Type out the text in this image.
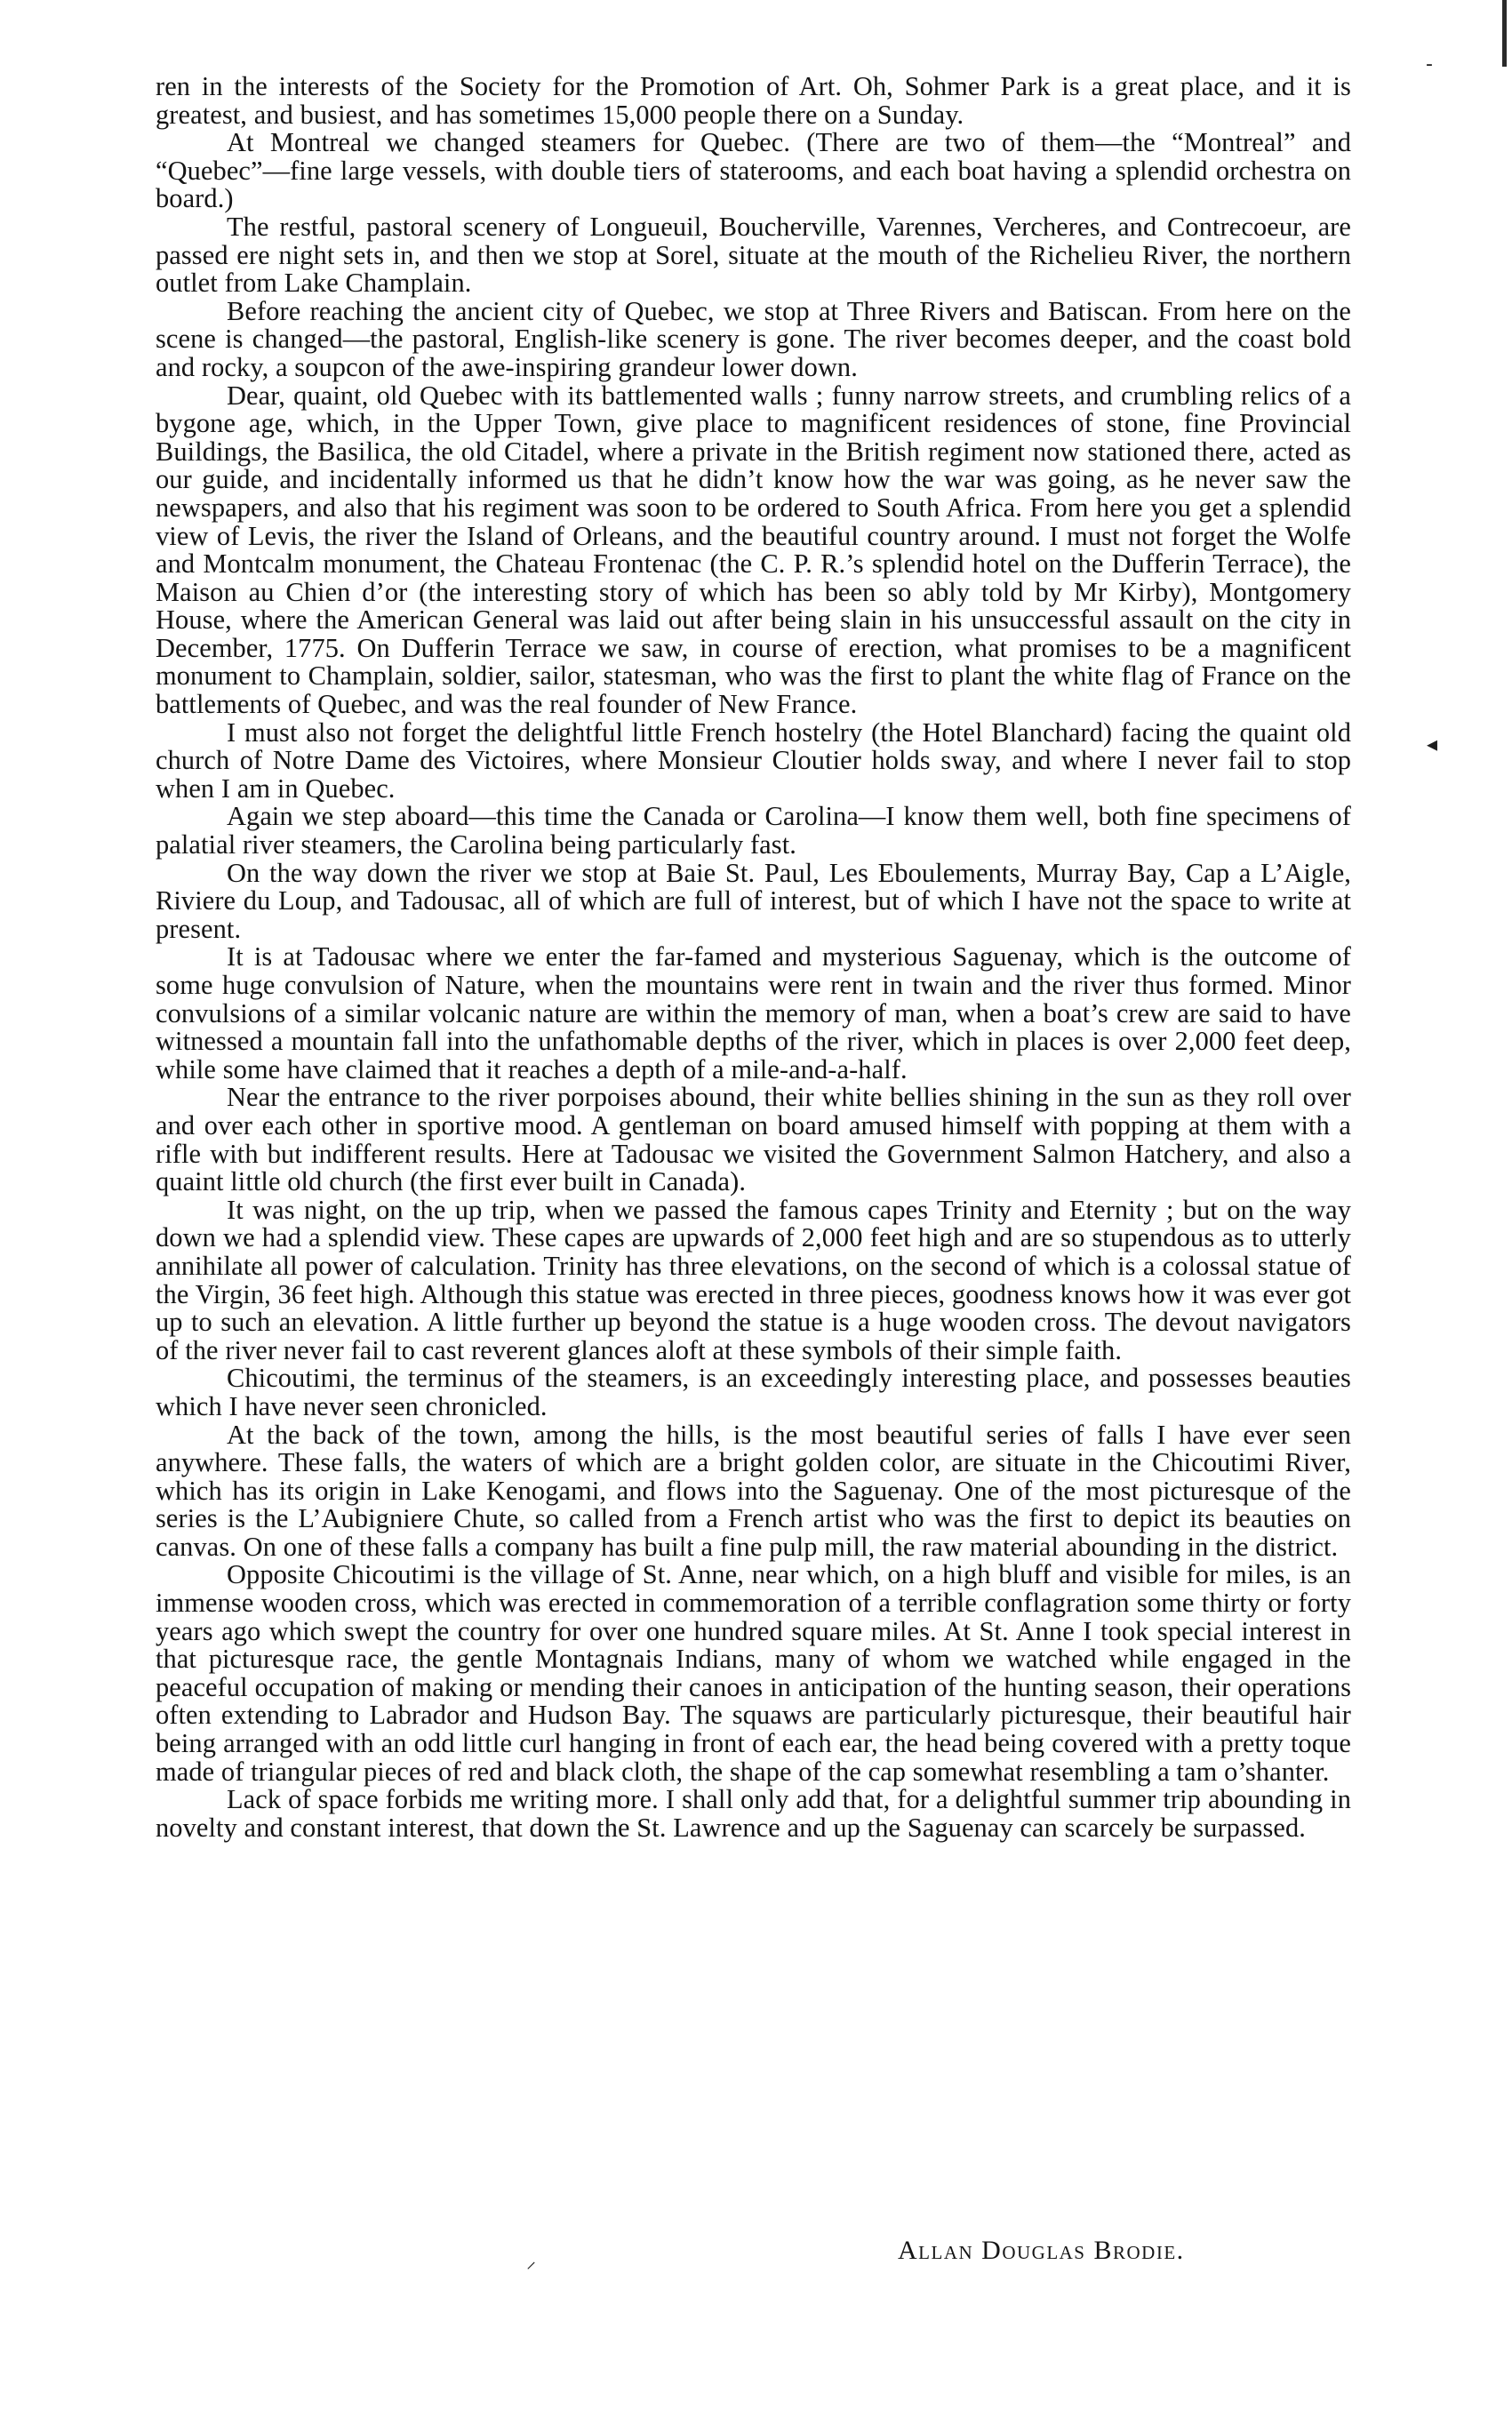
-
◂
⸝

ren in the interests of the Society for the Promotion of Art. Oh, Sohmer Park is a great place, and it is greatest, and busiest, and has sometimes 15,000 people there on a Sunday.

At Montreal we changed steamers for Quebec. (There are two of them—the “Montreal” and “Quebec”—fine large vessels, with double tiers of staterooms, and each boat having a splendid orchestra on board.)

The restful, pastoral scenery of Longueuil, Boucherville, Varennes, Vercheres, and Contrecoeur, are passed ere night sets in, and then we stop at Sorel, situate at the mouth of the Richelieu River, the northern outlet from Lake Champlain.

Before reaching the ancient city of Quebec, we stop at Three Rivers and Batiscan. From here on the scene is changed—the pastoral, English-like scenery is gone. The river becomes deeper, and the coast bold and rocky, a soupcon of the awe-inspiring grandeur lower down.

Dear, quaint, old Quebec with its battlemented walls ; funny narrow streets, and crumbling relics of a bygone age, which, in the Upper Town, give place to magnificent residences of stone, fine Provincial Buildings, the Basilica, the old Citadel, where a private in the British regiment now stationed there, acted as our guide, and incidentally informed us that he didn’t know how the war was going, as he never saw the newspapers, and also that his regiment was soon to be ordered to South Africa. From here you get a splendid view of Levis, the river the Island of Orleans, and the beautiful country around. I must not forget the Wolfe and Montcalm monument, the Chateau Frontenac (the C. P. R.’s splendid hotel on the Dufferin Terrace), the Maison au Chien d’or (the interesting story of which has been so ably told by Mr Kirby), Montgomery House, where the American General was laid out after being slain in his unsuccessful assault on the city in December, 1775. On Dufferin Terrace we saw, in course of erection, what promises to be a magnificent monument to Champlain, soldier, sailor, statesman, who was the first to plant the white flag of France on the battlements of Quebec, and was the real founder of New France.

I must also not forget the delightful little French hostelry (the Hotel Blanchard) facing the quaint old church of Notre Dame des Victoires, where Monsieur Cloutier holds sway, and where I never fail to stop when I am in Quebec.

Again we step aboard—this time the Canada or Carolina—I know them well, both fine specimens of palatial river steamers, the Carolina being particularly fast.

On the way down the river we stop at Baie St. Paul, Les Eboulements, Murray Bay, Cap a L’Aigle, Riviere du Loup, and Tadousac, all of which are full of interest, but of which I have not the space to write at present.

It is at Tadousac where we enter the far-famed and mysterious Saguenay, which is the outcome of some huge convulsion of Nature, when the mountains were rent in twain and the river thus formed. Minor convulsions of a similar volcanic nature are within the memory of man, when a boat’s crew are said to have witnessed a mountain fall into the unfathomable depths of the river, which in places is over 2,000 feet deep, while some have claimed that it reaches a depth of a mile-and-a-half.

Near the entrance to the river porpoises abound, their white bellies shining in the sun as they roll over and over each other in sportive mood. A gentleman on board amused himself with popping at them with a rifle with but indifferent results. Here at Tadousac we visited the Government Salmon Hatchery, and also a quaint little old church (the first ever built in Canada).

It was night, on the up trip, when we passed the famous capes Trinity and Eternity ; but on the way down we had a splendid view. These capes are upwards of 2,000 feet high and are so stupendous as to utterly annihilate all power of calculation. Trinity has three elevations, on the second of which is a colossal statue of the Virgin, 36 feet high. Although this statue was erected in three pieces, goodness knows how it was ever got up to such an elevation. A little further up beyond the statue is a huge wooden cross. The devout navigators of the river never fail to cast reverent glances aloft at these symbols of their simple faith.

Chicoutimi, the terminus of the steamers, is an exceedingly interesting place, and possesses beauties which I have never seen chronicled.

At the back of the town, among the hills, is the most beautiful series of falls I have ever seen anywhere. These falls, the waters of which are a bright golden color, are situate in the Chicoutimi River, which has its origin in Lake Kenogami, and flows into the Saguenay. One of the most picturesque of the series is the L’Aubigniere Chute, so called from a French artist who was the first to depict its beauties on canvas. On one of these falls a company has built a fine pulp mill, the raw material abounding in the district.

Opposite Chicoutimi is the village of St. Anne, near which, on a high bluff and visible for miles, is an immense wooden cross, which was erected in commemoration of a terrible conflagration some thirty or forty years ago which swept the country for over one hundred square miles. At St. Anne I took special interest in that picturesque race, the gentle Montagnais Indians, many of whom we watched while engaged in the peaceful occupation of making or mending their canoes in anticipation of the hunting season, their operations often extending to Labrador and Hudson Bay. The squaws are particularly picturesque, their beautiful hair being arranged with an odd little curl hanging in front of each ear, the head being covered with a pretty toque made of triangular pieces of red and black cloth, the shape of the cap somewhat resembling a tam o’shanter.

Lack of space forbids me writing more. I shall only add that, for a delightful summer trip abounding in novelty and constant interest, that down the St. Lawrence and up the Saguenay can scarcely be surpassed.

Allan Douglas Brodie.
